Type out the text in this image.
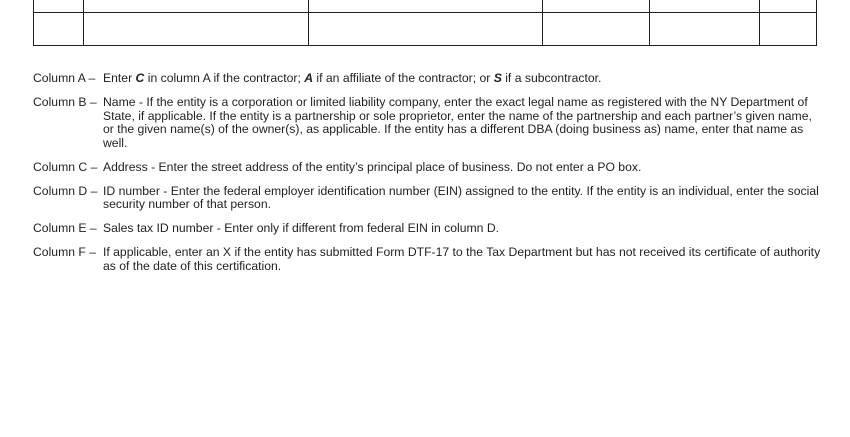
Column A – Enter C in column A if the contractor; A if an affiliate of the contractor; or S if a subcontractor.
Column B – Name - If the entity is a corporation or limited liability company, enter the exact legal name as registered with the NY Department of State, if applicable. If the entity is a partnership or sole proprietor, enter the name of the partnership and each partner’s given name, or the given name(s) of the owner(s), as applicable. If the entity has a different DBA (doing business as) name, enter that name as well.
Column C – Address - Enter the street address of the entity’s principal place of business. Do not enter a PO box.
Column D – ID number - Enter the federal employer identification number (EIN) assigned to the entity. If the entity is an individual, enter the social security number of that person.
Column E – Sales tax ID number - Enter only if different from federal EIN in column D.
Column F – If applicable, enter an X if the entity has submitted Form DTF-17 to the Tax Department but has not received its certificate of authority as of the date of this certification.
